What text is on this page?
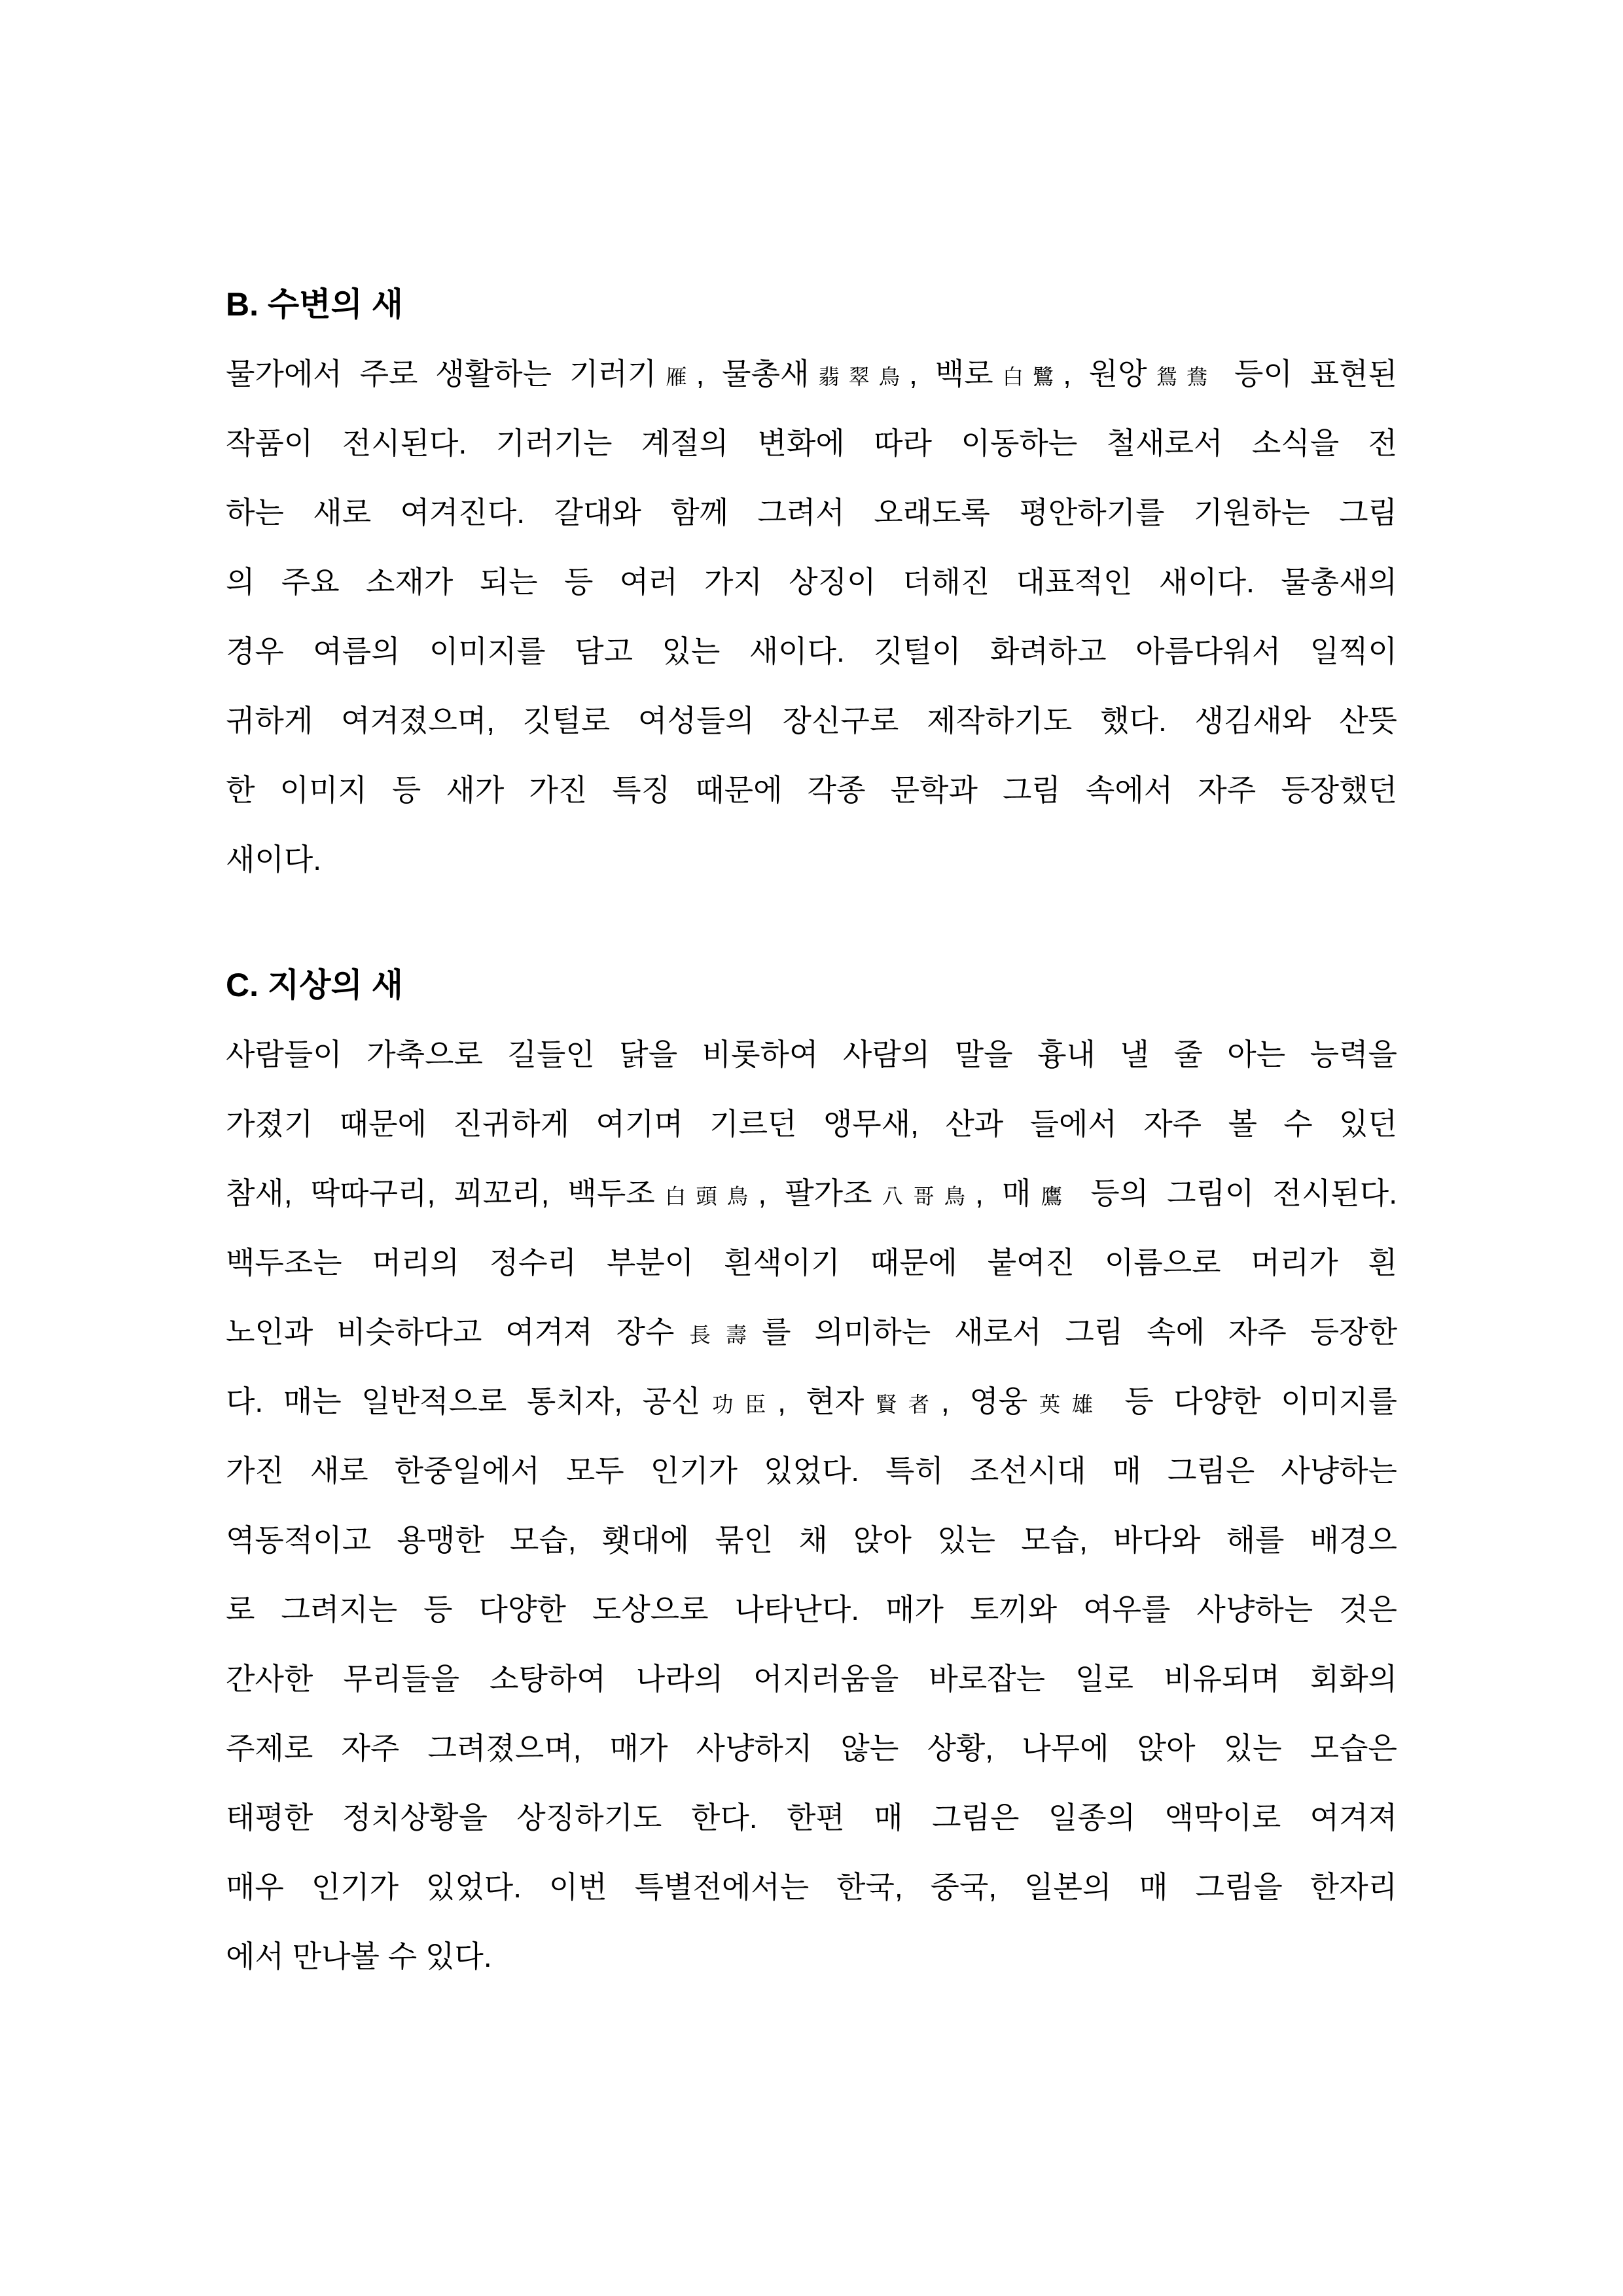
B. 수변의 새
물가에서 주로 생활하는 기러기雁, 물총새翡翠鳥, 백로白鷺, 원앙鴛鴦 등이 표현된
작품이 전시된다. 기러기는 계절의 변화에 따라 이동하는 철새로서 소식을 전
하는 새로 여겨진다. 갈대와 함께 그려서 오래도록 평안하기를 기원하는 그림
의 주요 소재가 되는 등 여러 가지 상징이 더해진 대표적인 새이다. 물총새의
경우 여름의 이미지를 담고 있는 새이다. 깃털이 화려하고 아름다워서 일찍이
귀하게 여겨졌으며, 깃털로 여성들의 장신구로 제작하기도 했다. 생김새와 산뜻
한 이미지 등 새가 가진 특징 때문에 각종 문학과 그림 속에서 자주 등장했던
새이다.
C. 지상의 새
사람들이 가축으로 길들인 닭을 비롯하여 사람의 말을 흉내 낼 줄 아는 능력을
가졌기 때문에 진귀하게 여기며 기르던 앵무새, 산과 들에서 자주 볼 수 있던
참새, 딱따구리, 꾀꼬리, 백두조白頭鳥, 팔가조八哥鳥, 매鷹 등의 그림이 전시된다.
백두조는 머리의 정수리 부분이 흰색이기 때문에 붙여진 이름으로 머리가 흰
노인과 비슷하다고 여겨져 장수長壽를 의미하는 새로서 그림 속에 자주 등장한
다. 매는 일반적으로 통치자, 공신功臣, 현자賢者, 영웅英雄 등 다양한 이미지를
가진 새로 한중일에서 모두 인기가 있었다. 특히 조선시대 매 그림은 사냥하는
역동적이고 용맹한 모습, 횃대에 묶인 채 앉아 있는 모습, 바다와 해를 배경으
로 그려지는 등 다양한 도상으로 나타난다. 매가 토끼와 여우를 사냥하는 것은
간사한 무리들을 소탕하여 나라의 어지러움을 바로잡는 일로 비유되며 회화의
주제로 자주 그려졌으며, 매가 사냥하지 않는 상황, 나무에 앉아 있는 모습은
태평한 정치상황을 상징하기도 한다. 한편 매 그림은 일종의 액막이로 여겨져
매우 인기가 있었다. 이번 특별전에서는 한국, 중국, 일본의 매 그림을 한자리
에서 만나볼 수 있다.
